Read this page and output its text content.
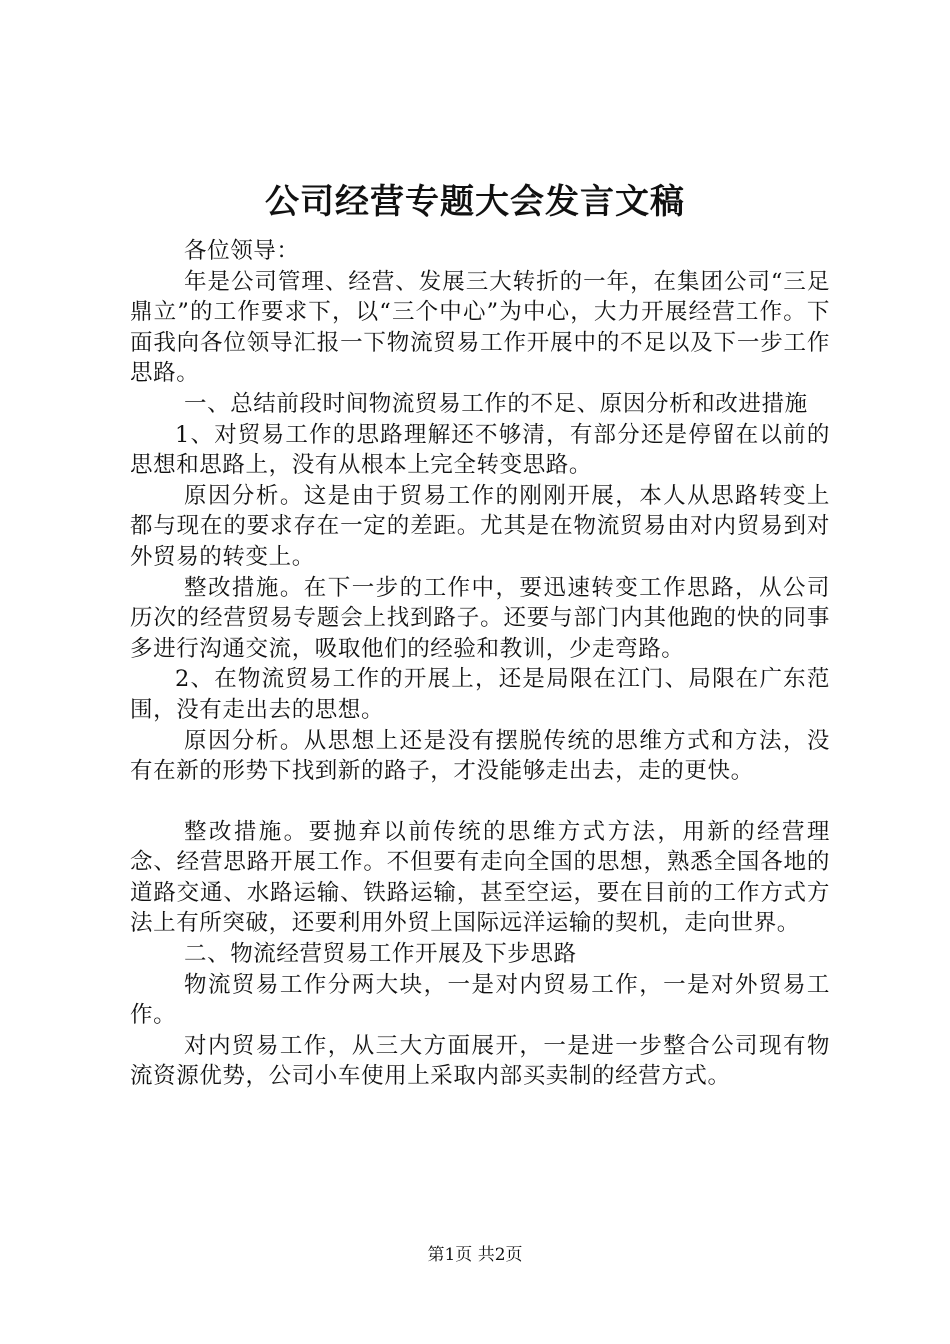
公司经营专题大会发言文稿

各位领导：

年是公司管理、经营、发展三大转折的一年，在集团公司“三足鼎立”的工作要求下，以“三个中心”为中心，大力开展经营工作。下面我向各位领导汇报一下物流贸易工作开展中的不足以及下一步工作思路。

一、总结前段时间物流贸易工作的不足、原因分析和改进措施

1、对贸易工作的思路理解还不够清，有部分还是停留在以前的思想和思路上，没有从根本上完全转变思路。

原因分析。这是由于贸易工作的刚刚开展，本人从思路转变上都与现在的要求存在一定的差距。尤其是在物流贸易由对内贸易到对外贸易的转变上。

整改措施。在下一步的工作中，要迅速转变工作思路，从公司历次的经营贸易专题会上找到路子。还要与部门内其他跑的快的同事多进行沟通交流，吸取他们的经验和教训，少走弯路。

2、在物流贸易工作的开展上，还是局限在江门、局限在广东范围，没有走出去的思想。

原因分析。从思想上还是没有摆脱传统的思维方式和方法，没有在新的形势下找到新的路子，才没能够走出去，走的更快。

整改措施。要抛弃以前传统的思维方式方法，用新的经营理念、经营思路开展工作。不但要有走向全国的思想，熟悉全国各地的道路交通、水路运输、铁路运输，甚至空运，要在目前的工作方式方法上有所突破，还要利用外贸上国际远洋运输的契机，走向世界。

二、物流经营贸易工作开展及下步思路

物流贸易工作分两大块，一是对内贸易工作，一是对外贸易工作。

对内贸易工作，从三大方面展开，一是进一步整合公司现有物流资源优势，公司小车使用上采取内部买卖制的经营方式。

第1页 共2页
